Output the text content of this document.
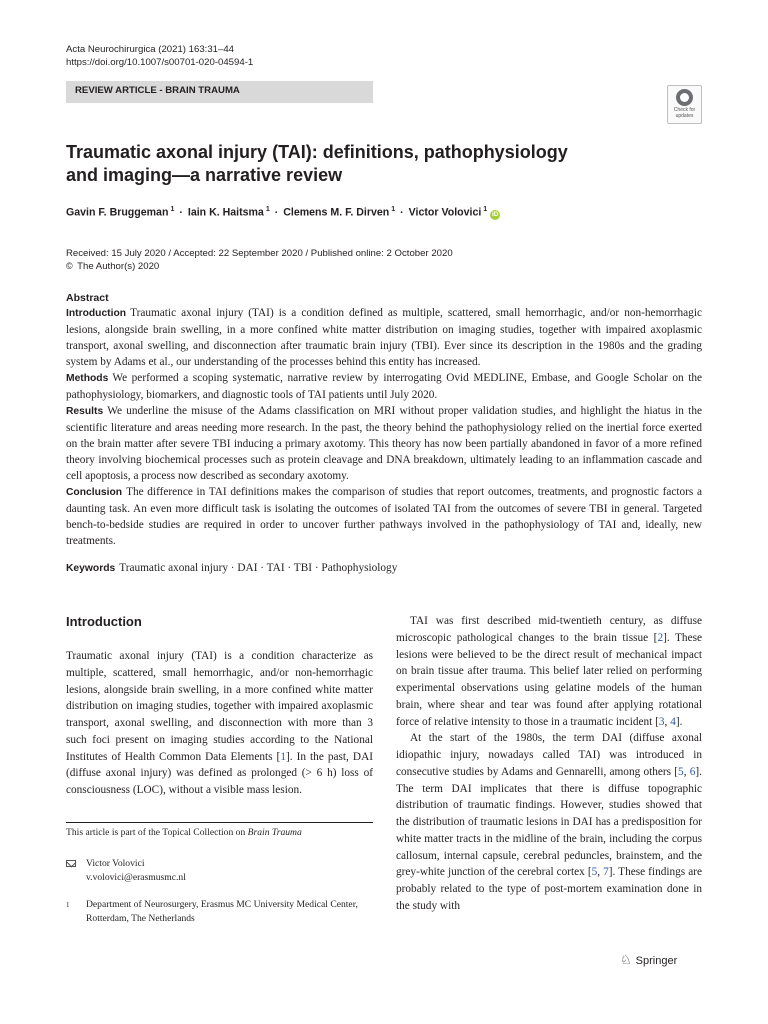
Acta Neurochirurgica (2021) 163:31–44
https://doi.org/10.1007/s00701-020-04594-1
REVIEW ARTICLE - BRAIN TRAUMA
Check for
updates
Traumatic axonal injury (TAI): definitions, pathophysiology
and imaging—a narrative review
Gavin F. Bruggeman $^1$ · Iain K. Haitsma $^1$ · Clemens M. F. Dirven $^1$ · Victor Volovici $^1$iD
Received: 15 July 2020 / Accepted: 22 September 2020 / Published online: 2 October 2020
© The Author(s) 2020
Abstract

Introduction Traumatic axonal injury (TAI) is a condition defined as multiple, scattered, small hemorrhagic, and/or non-hemorrhagic lesions, alongside brain swelling, in a more confined white matter distribution on imaging studies, together with impaired axoplasmic transport, axonal swelling, and disconnection after traumatic brain injury (TBI). Ever since its description in the 1980s and the grading system by Adams et al., our understanding of the processes behind this entity has increased.

Methods We performed a scoping systematic, narrative review by interrogating Ovid MEDLINE, Embase, and Google Scholar on the pathophysiology, biomarkers, and diagnostic tools of TAI patients until July 2020.

Results We underline the misuse of the Adams classification on MRI without proper validation studies, and highlight the hiatus in the scientific literature and areas needing more research. In the past, the theory behind the pathophysiology relied on the inertial force exerted on the brain matter after severe TBI inducing a primary axotomy. This theory has now been partially abandoned in favor of a more refined theory involving biochemical processes such as protein cleavage and DNA breakdown, ultimately leading to an inflammation cascade and cell apoptosis, a process now described as secondary axotomy.

Conclusion The difference in TAI definitions makes the comparison of studies that report outcomes, treatments, and prognostic factors a daunting task. An even more difficult task is isolating the outcomes of isolated TAI from the outcomes of severe TBI in general. Targeted bench-to-bedside studies are required in order to uncover further pathways involved in the pathophysiology of TAI and, ideally, new treatments.

Keywords Traumatic axonal injury · DAI · TAI · TBI · Pathophysiology
Introduction

Traumatic axonal injury (TAI) is a condition characterize as multiple, scattered, small hemorrhagic, and/or non-hemorrhagic lesions, alongside brain swelling, in a more confined white matter distribution on imaging studies, together with impaired axoplasmic transport, axonal swelling, and disconnection with more than 3 such foci present on imaging studies according to the National Institutes of Health Common Data Elements [1]. In the past, DAI (diffuse axonal injury) was defined as prolonged (> 6 h) loss of consciousness (LOC), without a visible mass lesion.

This article is part of the Topical Collection on Brain Trauma
Victor Volovici
v.volovici@erasmusmc.nl
1 Department of Neurosurgery, Erasmus MC University Medical Center, Rotterdam, The Netherlands

TAI was first described mid-twentieth century, as diffuse microscopic pathological changes to the brain tissue [2]. These lesions were believed to be the direct result of mechanical impact on brain tissue after trauma. This belief later relied on performing experimental observations using gelatine models of the human brain, where shear and tear was found after applying rotational force of relative intensity to those in a traumatic incident [3, 4].

At the start of the 1980s, the term DAI (diffuse axonal idiopathic injury, nowadays called TAI) was introduced in consecutive studies by Adams and Gennarelli, among others [5, 6]. The term DAI implicates that there is diffuse topographic distribution of traumatic findings. However, studies showed that the distribution of traumatic lesions in DAI has a predisposition for white matter tracts in the midline of the brain, including the corpus callosum, internal capsule, cerebral peduncles, brainstem, and the grey-white junction of the cerebral cortex [5, 7]. These findings are probably related to the type of post-mortem examination done in the study with

♘ Springer
